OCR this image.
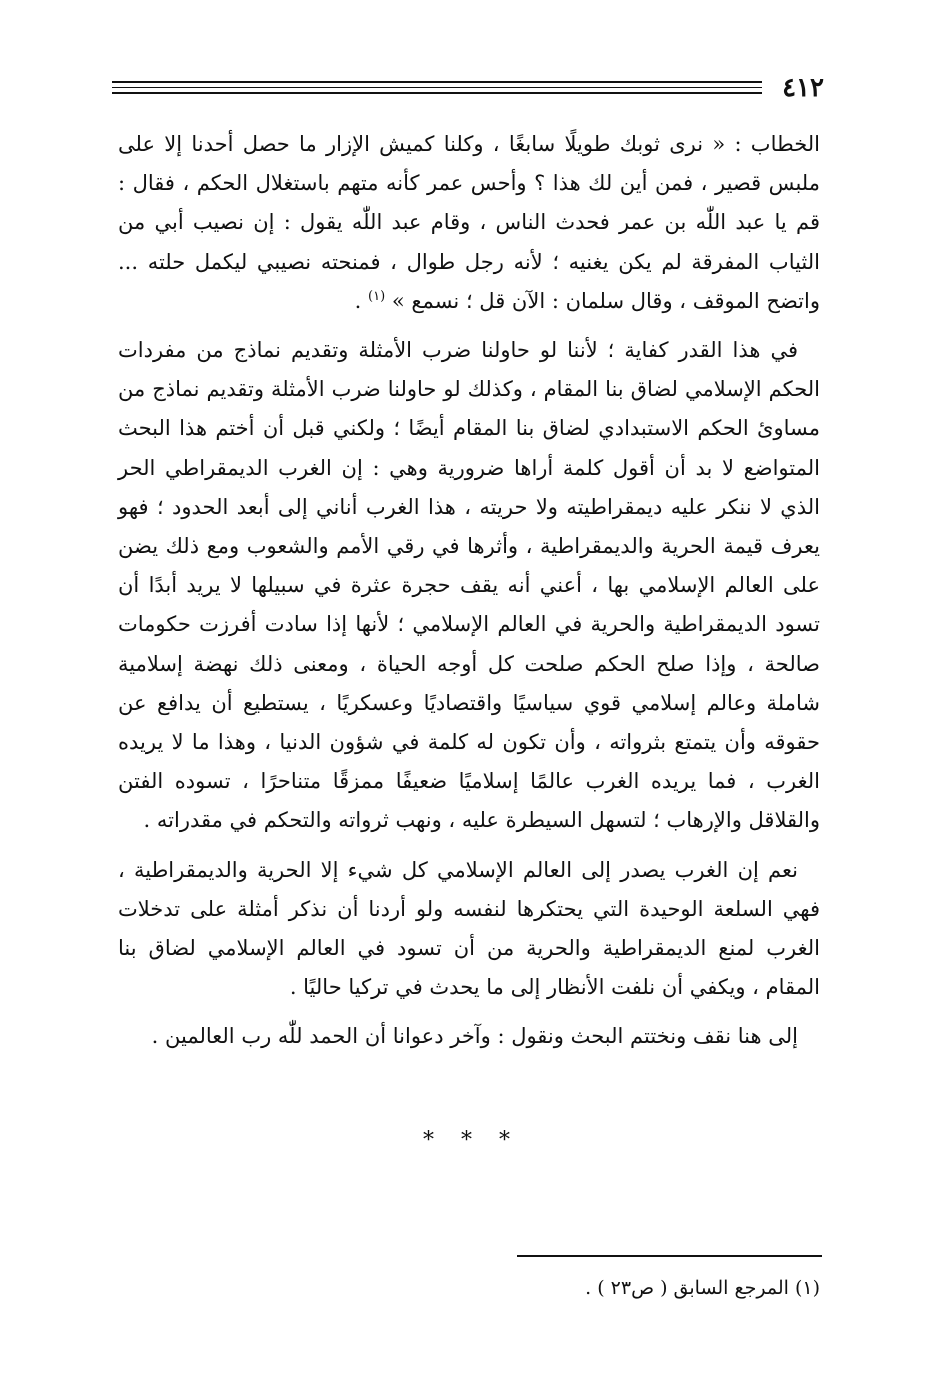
٤١٢

الخطاب : « نرى ثوبك طويلًا سابغًا ، وكلنا كميش الإزار ما حصل أحدنا إلا على ملبس قصير ، فمن أين لك هذا ؟ وأحس عمر كأنه متهم باستغلال الحكم ، فقال : قم يا عبد اللّٰه بن عمر فحدث الناس ، وقام عبد اللّٰه يقول : إن نصيب أبي من الثياب المفرقة لم يكن يغنيه ؛ لأنه رجل طوال ، فمنحته نصيبي ليكمل حلته ... واتضح الموقف ، وقال سلمان : الآن قل ؛ نسمع » $^{(١)}$ .

في هذا القدر كفاية ؛ لأننا لو حاولنا ضرب الأمثلة وتقديم نماذج من مفردات الحكم الإسلامي لضاق بنا المقام ، وكذلك لو حاولنا ضرب الأمثلة وتقديم نماذج من مساوئ الحكم الاستبدادي لضاق بنا المقام أيضًا ؛ ولكني قبل أن أختم هذا البحث المتواضع لا بد أن أقول كلمة أراها ضرورية وهي : إن الغرب الديمقراطي الحر الذي لا ننكر عليه ديمقراطيته ولا حريته ، هذا الغرب أناني إلى أبعد الحدود ؛ فهو يعرف قيمة الحرية والديمقراطية ، وأثرها في رقي الأمم والشعوب ومع ذلك يضن على العالم الإسلامي بها ، أعني أنه يقف حجرة عثرة في سبيلها لا يريد أبدًا أن تسود الديمقراطية والحرية في العالم الإسلامي ؛ لأنها إذا سادت أفرزت حكومات صالحة ، وإذا صلح الحكم صلحت كل أوجه الحياة ، ومعنى ذلك نهضة إسلامية شاملة وعالم إسلامي قوي سياسيًا واقتصاديًا وعسكريًا ، يستطيع أن يدافع عن حقوقه وأن يتمتع بثرواته ، وأن تكون له كلمة في شؤون الدنيا ، وهذا ما لا يريده الغرب ، فما يريده الغرب عالمًا إسلاميًا ضعيفًا ممزقًا متناحرًا ، تسوده الفتن والقلاقل والإرهاب ؛ لتسهل السيطرة عليه ، ونهب ثرواته والتحكم في مقدراته .

نعم إن الغرب يصدر إلى العالم الإسلامي كل شيء إلا الحرية والديمقراطية ، فهي السلعة الوحيدة التي يحتكرها لنفسه ولو أردنا أن نذكر أمثلة على تدخلات الغرب لمنع الديمقراطية والحرية من أن تسود في العالم الإسلامي لضاق بنا المقام ، ويكفي أن نلفت الأنظار إلى ما يحدث في تركيا حاليًا .

إلى هنا نقف ونختتم البحث ونقول : وآخر دعوانا أن الحمد للّٰه رب العالمين .

* * *
(١) المرجع السابق ( ص٢٣ ) .
